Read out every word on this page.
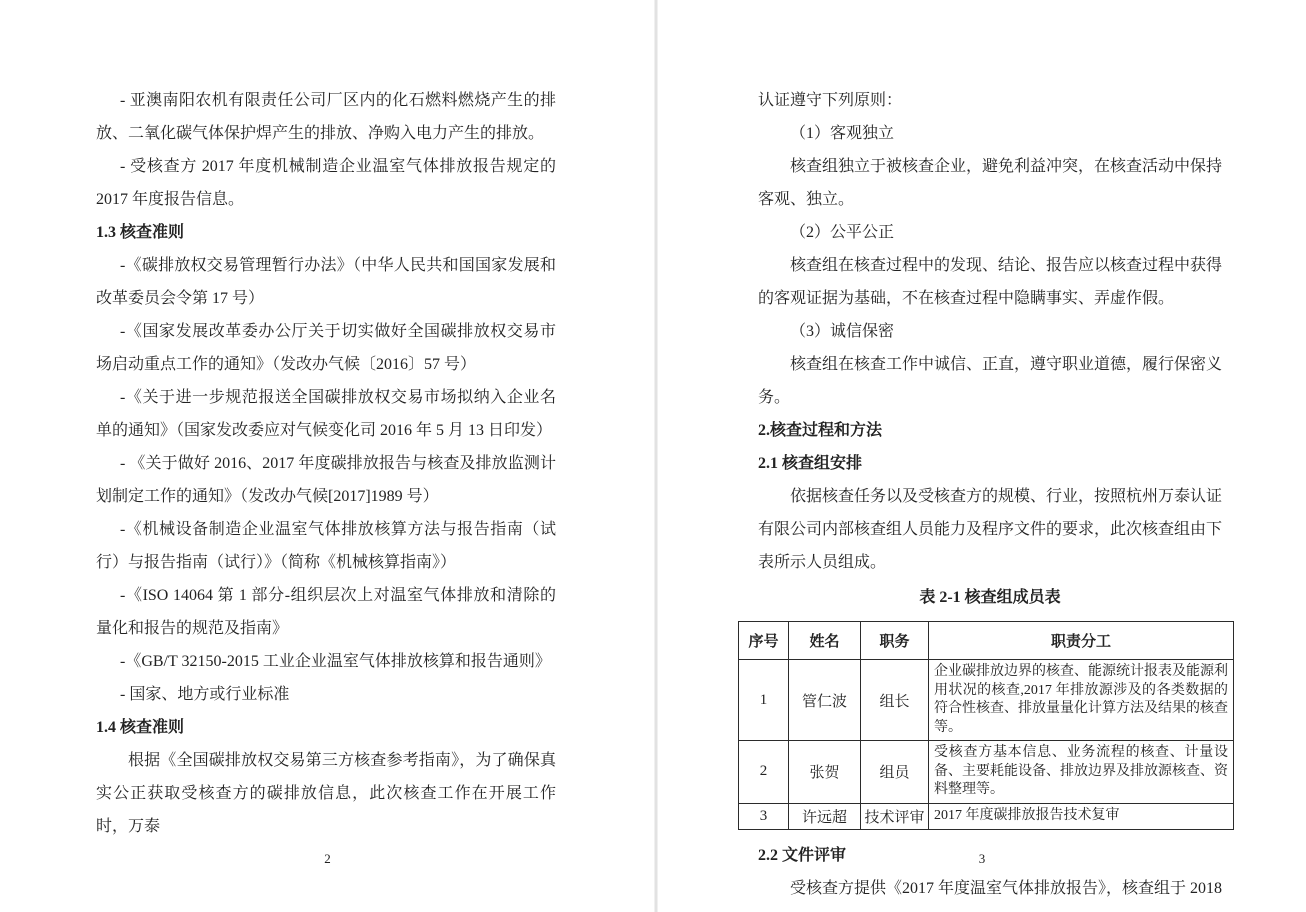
- 亚澳南阳农机有限责任公司厂区内的化石燃料燃烧产生的排放、二氧化碳气体保护焊产生的排放、净购入电力产生的排放。

- 受核查方 2017 年度机械制造企业温室气体排放报告规定的 2017 年度报告信息。

1.3 核查准则

-《碳排放权交易管理暂行办法》（中华人民共和国国家发展和改革委员会令第 17 号）

-《国家发展改革委办公厅关于切实做好全国碳排放权交易市场启动重点工作的通知》（发改办气候〔2016〕57 号）

-《关于进一步规范报送全国碳排放权交易市场拟纳入企业名单的通知》（国家发改委应对气候变化司 2016 年 5 月 13 日印发）

- 《关于做好 2016、2017 年度碳排放报告与核查及排放监测计划制定工作的通知》（发改办气候[2017]1989 号）

-《机械设备制造企业温室气体排放核算方法与报告指南（试行）与报告指南（试行）》（简称《机械核算指南》）

-《ISO 14064 第 1 部分-组织层次上对温室气体排放和清除的量化和报告的规范及指南》

-《GB/T 32150-2015 工业企业温室气体排放核算和报告通则》

- 国家、地方或行业标准

1.4 核查准则

根据《全国碳排放权交易第三方核查参考指南》，为了确保真实公正获取受核查方的碳排放信息，此次核查工作在开展工作时，万泰

2

认证遵守下列原则：

（1）客观独立

核查组独立于被核查企业，避免利益冲突，在核查活动中保持客观、独立。

（2）公平公正

核查组在核查过程中的发现、结论、报告应以核查过程中获得的客观证据为基础，不在核查过程中隐瞒事实、弄虚作假。

（3）诚信保密

核查组在核查工作中诚信、正直，遵守职业道德，履行保密义务。

2.核查过程和方法

2.1 核查组安排

依据核查任务以及受核查方的规模、行业，按照杭州万泰认证有限公司内部核查组人员能力及程序文件的要求，此次核查组由下表所示人员组成。

表 2-1 核查组成员表

序号	姓名	职务	职责分工
1	管仁波	组长	企业碳排放边界的核查、能源统计报表及能源利用状况的核查,2017 年排放源涉及的各类数据的符合性核查、排放量量化计算方法及结果的核查等。
2	张贺	组员	受核查方基本信息、业务流程的核查、计量设备、主要耗能设备、排放边界及排放源核查、资料整理等。
3	许远超	技术评审	2017 年度碳排放报告技术复审

2.2 文件评审

受核查方提供《2017 年度温室气体排放报告》，核查组于 2018

3
